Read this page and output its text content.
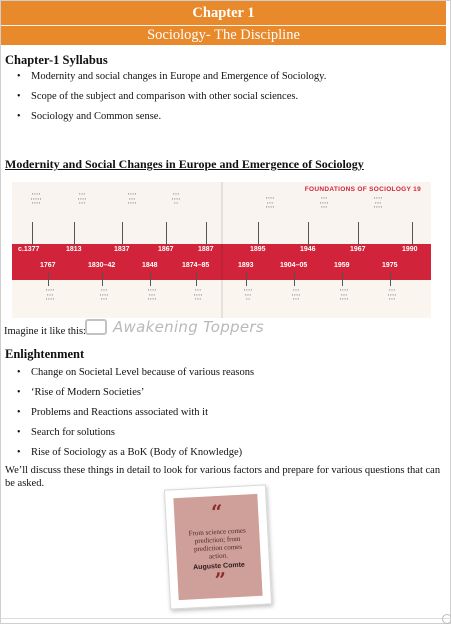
Chapter 1
Sociology- The Discipline
Chapter-1 Syllabus
• Modernity and social changes in Europe and Emergence of Sociology.
• Scope of the subject and comparison with other social sciences.
• Sociology and Common sense.
Modernity and Social Changes in Europe and Emergence of Sociology
FOUNDATIONS OF SOCIOLOGY 19
▪ ▪ ▪ ▪
▪ ▪ ▪ ▪ ▪
▪ ▪ ▪ ▪
▪ ▪ ▪
▪ ▪ ▪ ▪
▪ ▪ ▪
▪ ▪ ▪ ▪
▪ ▪ ▪
▪ ▪ ▪ ▪
▪ ▪ ▪
▪ ▪ ▪ ▪
▪ ▪
▪ ▪ ▪ ▪
▪ ▪ ▪
▪ ▪ ▪ ▪
▪ ▪ ▪
▪ ▪ ▪ ▪
▪ ▪ ▪
▪ ▪ ▪ ▪
▪ ▪ ▪
▪ ▪ ▪ ▪
c.1377	1813	1837	1867	1887	1895	1946	1967	1990
1767	1830–42	1848	1874–85	1893	1904–05	1959	1975
▪ ▪ ▪ ▪
▪ ▪ ▪
▪ ▪ ▪ ▪
▪ ▪ ▪
▪ ▪ ▪ ▪
▪ ▪ ▪
▪ ▪ ▪ ▪
▪ ▪ ▪
▪ ▪ ▪ ▪
▪ ▪ ▪
▪ ▪ ▪ ▪
▪ ▪ ▪
▪ ▪ ▪ ▪
▪ ▪ ▪
▪ ▪
▪ ▪ ▪
▪ ▪ ▪ ▪
▪ ▪ ▪
▪ ▪ ▪ ▪
▪ ▪ ▪
▪ ▪ ▪ ▪
▪ ▪ ▪
▪ ▪ ▪ ▪
▪ ▪ ▪
Imagine it like this: Awakening Toppers
Enlightenment
• Change on Societal Level because of various reasons
• ‘Rise of Modern Societies’
• Problems and Reactions associated with it
• Search for solutions
• Rise of Sociology as a BoK (Body of Knowledge)
We’ll discuss these things in detail to look for various factors and prepare for various questions that can be asked.
“
From science comes prediction; from prediction comes action.
Auguste Comte
”
